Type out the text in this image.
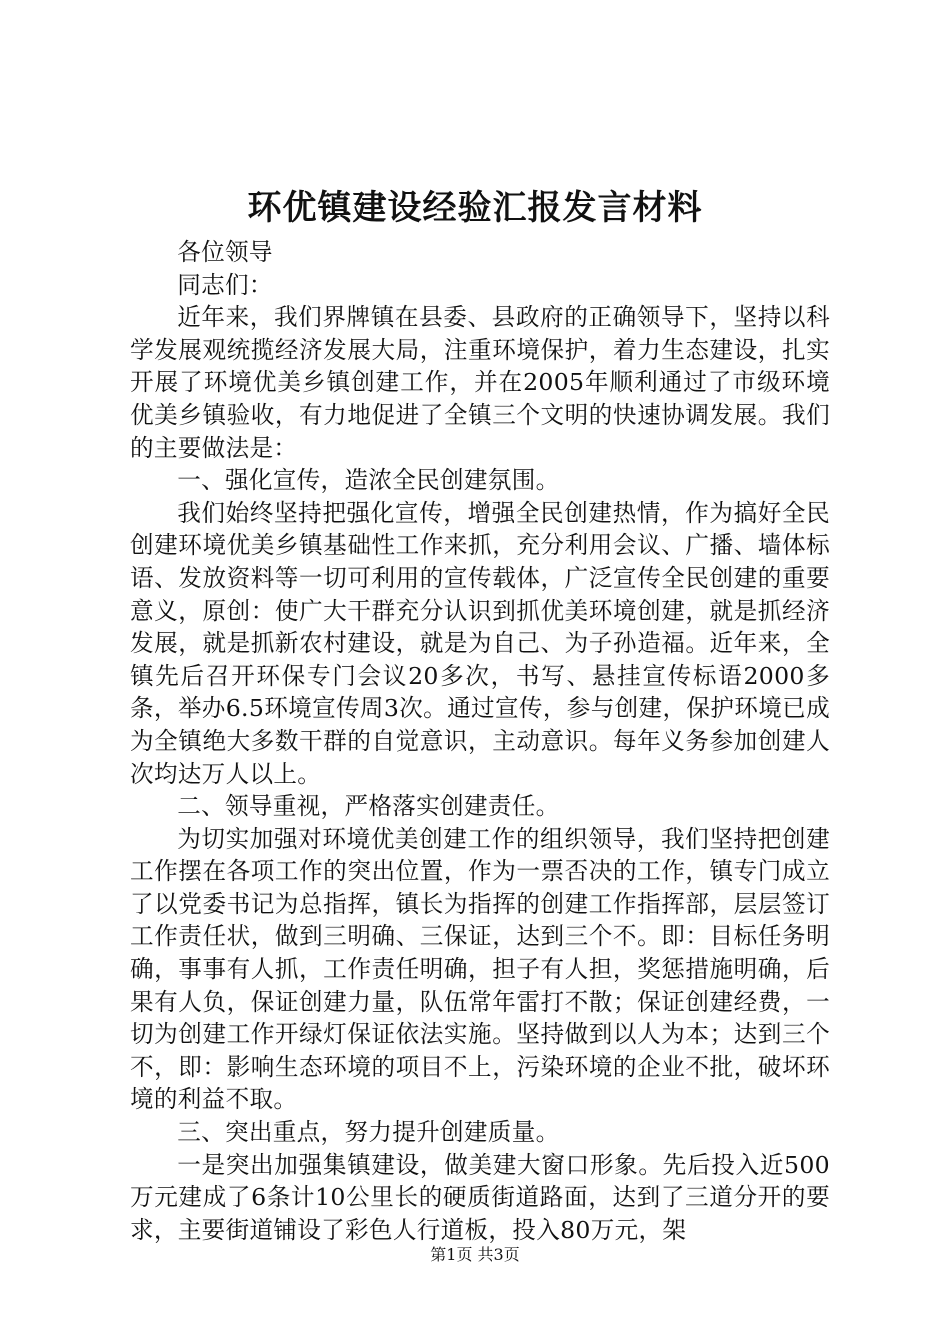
环优镇建设经验汇报发言材料

各位领导

同志们：

近年来，我们界牌镇在县委、县政府的正确领导下，坚持以科学发展观统揽经济发展大局，注重环境保护，着力生态建设，扎实开展了环境优美乡镇创建工作，并在2005年顺利通过了市级环境优美乡镇验收，有力地促进了全镇三个文明的快速协调发展。我们的主要做法是：

一、强化宣传，造浓全民创建氛围。

我们始终坚持把强化宣传，增强全民创建热情，作为搞好全民创建环境优美乡镇基础性工作来抓，充分利用会议、广播、墙体标语、发放资料等一切可利用的宣传载体，广泛宣传全民创建的重要意义，原创：使广大干群充分认识到抓优美环境创建，就是抓经济发展，就是抓新农村建设，就是为自己、为子孙造福。近年来，全镇先后召开环保专门会议20多次，书写、悬挂宣传标语2000多条，举办6.5环境宣传周3次。通过宣传，参与创建，保护环境已成为全镇绝大多数干群的自觉意识，主动意识。每年义务参加创建人次均达万人以上。

二、领导重视，严格落实创建责任。

为切实加强对环境优美创建工作的组织领导，我们坚持把创建工作摆在各项工作的突出位置，作为一票否决的工作，镇专门成立了以党委书记为总指挥，镇长为指挥的创建工作指挥部，层层签订工作责任状，做到三明确、三保证，达到三个不。即：目标任务明确，事事有人抓，工作责任明确，担子有人担，奖惩措施明确，后果有人负，保证创建力量，队伍常年雷打不散；保证创建经费，一切为创建工作开绿灯保证依法实施。坚持做到以人为本；达到三个不，即：影响生态环境的项目不上，污染环境的企业不批，破坏环境的利益不取。

三、突出重点，努力提升创建质量。

一是突出加强集镇建设，做美建大窗口形象。先后投入近500万元建成了6条计10公里长的硬质街道路面，达到了三道分开的要求，主要街道铺设了彩色人行道板，投入80万元，架

第1页 共3页
